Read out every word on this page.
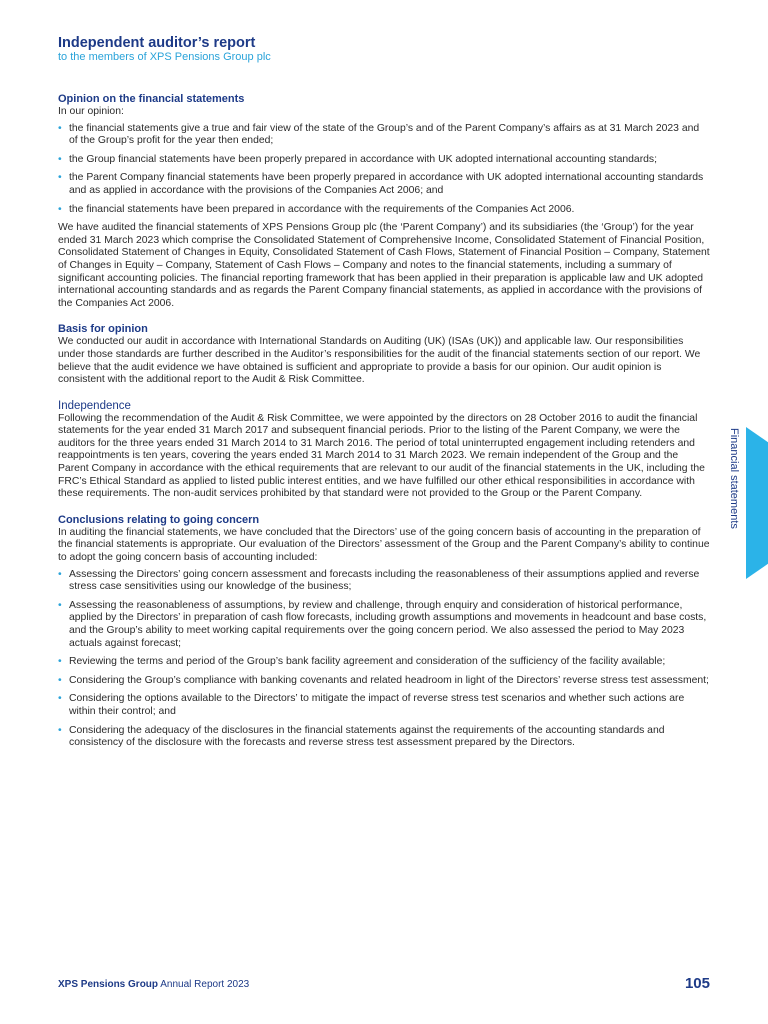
Independent auditor’s report

to the members of XPS Pensions Group plc

Opinion on the financial statements

In our opinion:

• the financial statements give a true and fair view of the state of the Group’s and of the Parent Company’s affairs as at 31 March 2023 and of the Group’s profit for the year then ended;
• the Group financial statements have been properly prepared in accordance with UK adopted international accounting standards;
• the Parent Company financial statements have been properly prepared in accordance with UK adopted international accounting standards and as applied in accordance with the provisions of the Companies Act 2006; and
• the financial statements have been prepared in accordance with the requirements of the Companies Act 2006.

We have audited the financial statements of XPS Pensions Group plc (the ‘Parent Company’) and its subsidiaries (the ‘Group’) for the year ended 31 March 2023 which comprise the Consolidated Statement of Comprehensive Income, Consolidated Statement of Financial Position, Consolidated Statement of Changes in Equity, Consolidated Statement of Cash Flows, Statement of Financial Position – Company, Statement of Changes in Equity – Company, Statement of Cash Flows – Company and notes to the financial statements, including a summary of significant accounting policies. The financial reporting framework that has been applied in their preparation is applicable law and UK adopted international accounting standards and as regards the Parent Company financial statements, as applied in accordance with the provisions of the Companies Act 2006.

Basis for opinion

We conducted our audit in accordance with International Standards on Auditing (UK) (ISAs (UK)) and applicable law. Our responsibilities under those standards are further described in the Auditor’s responsibilities for the audit of the financial statements section of our report. We believe that the audit evidence we have obtained is sufficient and appropriate to provide a basis for our opinion. Our audit opinion is consistent with the additional report to the Audit & Risk Committee.

Independence

Following the recommendation of the Audit & Risk Committee, we were appointed by the directors on 28 October 2016 to audit the financial statements for the year ended 31 March 2017 and subsequent financial periods. Prior to the listing of the Parent Company, we were the auditors for the three years ended 31 March 2014 to 31 March 2016. The period of total uninterrupted engagement including retenders and reappointments is ten years, covering the years ended 31 March 2014 to 31 March 2023. We remain independent of the Group and the Parent Company in accordance with the ethical requirements that are relevant to our audit of the financial statements in the UK, including the FRC’s Ethical Standard as applied to listed public interest entities, and we have fulfilled our other ethical responsibilities in accordance with these requirements. The non-audit services prohibited by that standard were not provided to the Group or the Parent Company.

Conclusions relating to going concern

In auditing the financial statements, we have concluded that the Directors’ use of the going concern basis of accounting in the preparation of the financial statements is appropriate. Our evaluation of the Directors’ assessment of the Group and the Parent Company’s ability to continue to adopt the going concern basis of accounting included:

• Assessing the Directors’ going concern assessment and forecasts including the reasonableness of their assumptions applied and reverse stress case sensitivities using our knowledge of the business;
• Assessing the reasonableness of assumptions, by review and challenge, through enquiry and consideration of historical performance, applied by the Directors’ in preparation of cash flow forecasts, including growth assumptions and movements in headcount and base costs, and the Group’s ability to meet working capital requirements over the going concern period. We also assessed the period to May 2023 actuals against forecast;
• Reviewing the terms and period of the Group’s bank facility agreement and consideration of the sufficiency of the facility available;
• Considering the Group’s compliance with banking covenants and related headroom in light of the Directors’ reverse stress test assessment;
• Considering the options available to the Directors’ to mitigate the impact of reverse stress test scenarios and whether such actions are within their control; and
• Considering the adequacy of the disclosures in the financial statements against the requirements of the accounting standards and consistency of the disclosure with the forecasts and reverse stress test assessment prepared by the Directors.

Financial statements

XPS Pensions Group Annual Report 2023	105
